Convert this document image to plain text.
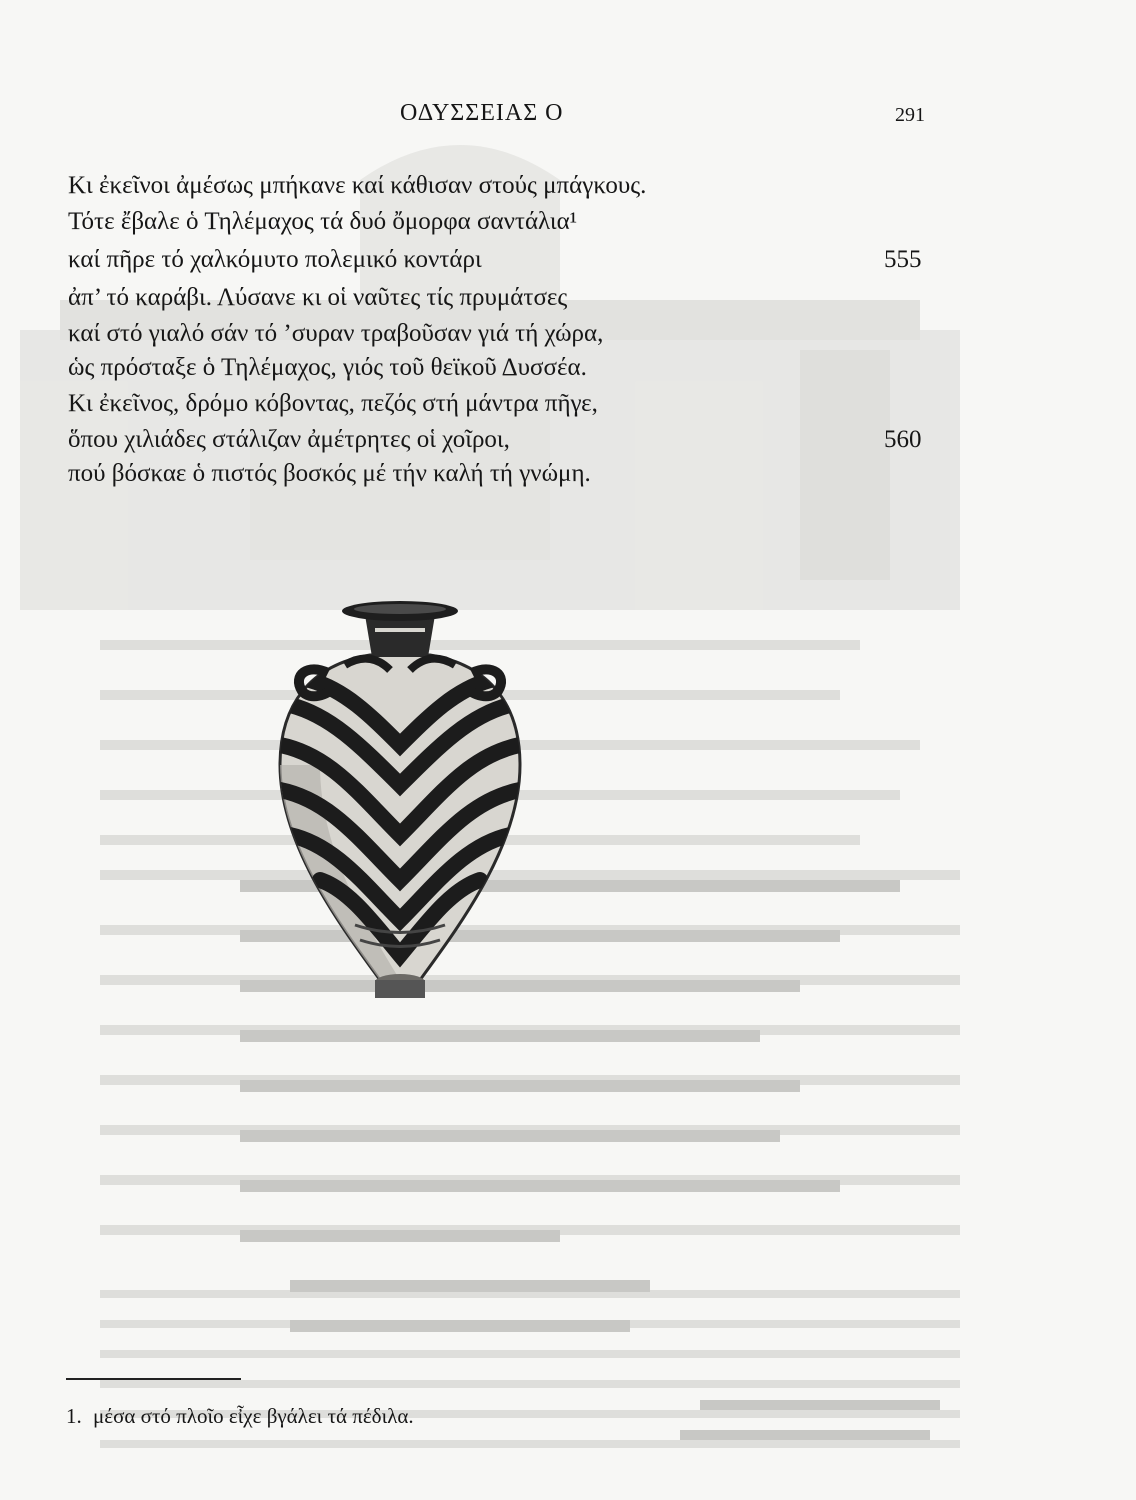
ΟΔΥΣΣΕΙΑΣ Ο	291
Κι ἐκεῖνοι ἀμέσως μπήκανε καί κάθισαν στούς μπάγκους.
Τότε ἔβαλε ὁ Τηλέμαχος τά δυό ὄμορφα σαντάλια¹
καί πῆρε τό χαλκόμυτο πολεμικό κοντάρι	555
ἀπ’ τό καράβι. Λύσανε κι οἱ ναῦτες τίς πρυμάτσες
καί στό γιαλό σάν τό ’συραν τραβοῦσαν γιά τή χώρα,
ὡς πρόσταξε ὁ Τηλέμαχος, γιός τοῦ θεϊκοῦ Δυσσέα.
Κι ἐκεῖνος, δρόμο κόβοντας, πεζός στή μάντρα πῆγε,
ὅπου χιλιάδες στάλιζαν ἀμέτρητες οἱ χοῖροι,	560
πού βόσκαε ὁ πιστός βοσκός μέ τήν καλή τή γνώμη.
1. μέσα στό πλοῖο εἶχε βγάλει τά πέδιλα.
